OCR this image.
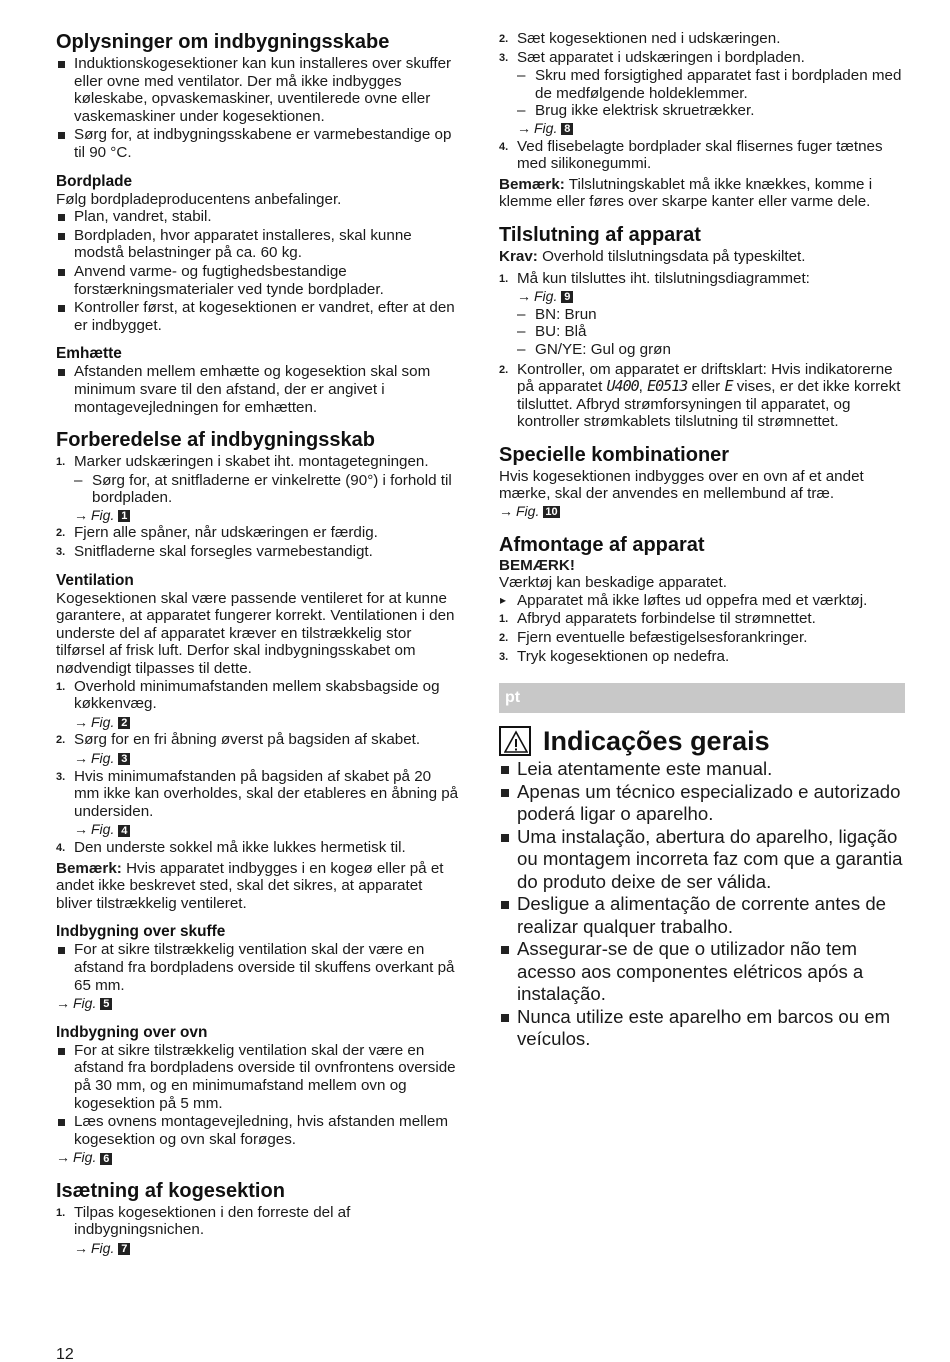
Oplysninger om indbygningsskabe
Induktionskogesektioner kan kun installeres over skuffer eller ovne med ventilator. Der må ikke indbygges køleskabe, opvaskemaskiner, uventilerede ovne eller vaskemaskiner under kogesektionen.
Sørg for, at indbygningsskabene er varmebestandige op til 90 °C.
Bordplade

Følg bordpladeproducentens anbefalinger.

Plan, vandret, stabil.
Bordpladen, hvor apparatet installeres, skal kunne modstå belastninger på ca. 60 kg.
Anvend varme- og fugtighedsbestandige forstærkningsmaterialer ved tynde bordplader.
Kontroller først, at kogesektionen er vandret, efter at den er indbygget.
Emhætte
Afstanden mellem emhætte og kogesektion skal som minimum svare til den afstand, der er angivet i montagevejledningen for emhætten.
Forberedelse af indbygningsskab
1. Marker udskæringen i skabet iht. montagetegningen.
– Sørg for, at snitfladerne er vinkelrette (90°) i forhold til bordpladen.
→ Fig. 1
2. Fjern alle spåner, når udskæringen er færdig.
3. Snitfladerne skal forsegles varmebestandigt.
Ventilation

Kogesektionen skal være passende ventileret for at kunne garantere, at apparatet fungerer korrekt. Ventilationen i den underste del af apparatet kræver en tilstrækkelig stor tilførsel af frisk luft. Derfor skal indbygningsskabet om nødvendigt tilpasses til dette.

1. Overhold minimumafstanden mellem skabsbagside og køkkenvæg.
→ Fig. 2
2. Sørg for en fri åbning øverst på bagsiden af skabet.
→ Fig. 3
3. Hvis minimumafstanden på bagsiden af skabet på 20 mm ikke kan overholdes, skal der etableres en åbning på undersiden.
→ Fig. 4
4. Den underste sokkel må ikke lukkes hermetisk til.

Bemærk: Hvis apparatet indbygges i en kogeø eller på et andet ikke beskrevet sted, skal det sikres, at apparatet bliver tilstrækkelig ventileret.

Indbygning over skuffe
For at sikre tilstrækkelig ventilation skal der være en afstand fra bordpladens overside til skuffens overkant på 65 mm.
→ Fig. 5
Indbygning over ovn
For at sikre tilstrækkelig ventilation skal der være en afstand fra bordpladens overside til ovnfrontens overside på 30 mm, og en minimumafstand mellem ovn og kogesektion på 5 mm.
Læs ovnens montagevejledning, hvis afstanden mellem kogesektion og ovn skal forøges.
→ Fig. 6
Isætning af kogesektion
1. Tilpas kogesektionen i den forreste del af indbygningsnichen.
→ Fig. 7
12
2. Sæt kogesektionen ned i udskæringen.
3. Sæt apparatet i udskæringen i bordpladen.
– Skru med forsigtighed apparatet fast i bordpladen med de medfølgende holdeklemmer.
– Brug ikke elektrisk skruetrækker.
→ Fig. 8
4. Ved flisebelagte bordplader skal flisernes fuger tætnes med silikonegummi.

Bemærk: Tilslutningskablet må ikke knækkes, komme i klemme eller føres over skarpe kanter eller varme dele.

Tilslutning af apparat

Krav: Overhold tilslutningsdata på typeskiltet.

1. Må kun tilsluttes iht. tilslutningsdiagrammet:
→ Fig. 9
– BN: Brun
– BU: Blå
– GN/YE: Gul og grøn
2. Kontroller, om apparatet er driftsklart: Hvis indikatorerne på apparatet U400, E0513 eller E vises, er det ikke korrekt tilsluttet. Afbryd strømforsyningen til apparatet, og kontroller strømkablets tilslutning til strømnettet.
Specielle kombinationer

Hvis kogesektionen indbygges over en ovn af et andet mærke, skal der anvendes en mellembund af træ.

→ Fig. 10
Afmontage af apparat

BEMÆRK!

Værktøj kan beskadige apparatet.

▸ Apparatet må ikke løftes ud oppefra med et værktøj.
1. Afbryd apparatets forbindelse til strømnettet.
2. Fjern eventuelle befæstigelsesforankringer.
3. Tryk kogesektionen op nedefra.
pt
Indicações gerais
Leia atentamente este manual.
Apenas um técnico especializado e autorizado poderá ligar o aparelho.
Uma instalação, abertura do aparelho, ligação ou montagem incorreta faz com que a garantia do produto deixe de ser válida.
Desligue a alimentação de corrente antes de realizar qualquer trabalho.
Assegurar-se de que o utilizador não tem acesso aos componentes elétricos após a instalação.
Nunca utilize este aparelho em barcos ou em veículos.
